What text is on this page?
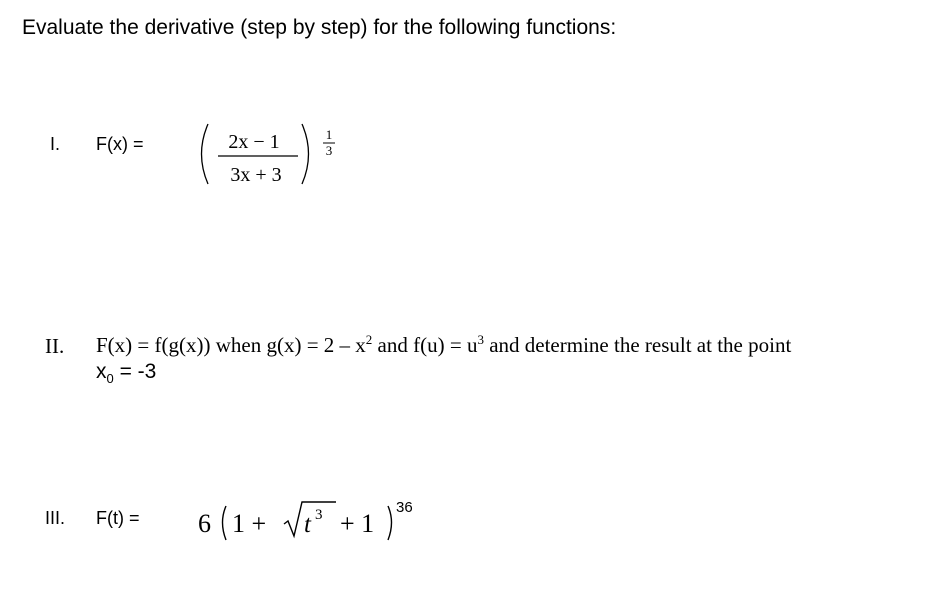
Evaluate the derivative (step by step) for the following functions:
I. F(x) =	2x − 1
3x + 3
1
3
II. F(x) = f(g(x)) when $g(x) = 2 - x^2$ and $f(u) = u^3$ and determine the result at the point
$x_0 = -3$
III. F(t) = 6 1 + t 3 + 1
36
